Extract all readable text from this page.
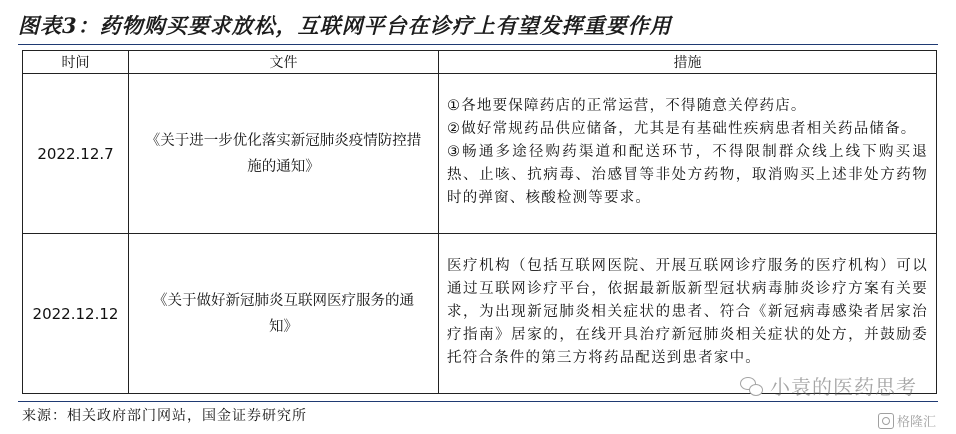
图表3：药物购买要求放松，互联网平台在诊疗上有望发挥重要作用
时间	文件	措施
2022.12.7	《关于进一步优化落实新冠肺炎疫情防控措施的通知》	①各地要保障药店的正常运营，不得随意关停药店。

②做好常规药品供应储备，尤其是有基础性疾病患者相关药品储备。

③畅通多途径购药渠道和配送环节，不得限制群众线上线下购买退热、止咳、抗病毒、治感冒等非处方药物，取消购买上述非处方药物时的弹窗、核酸检测等要求。

2022.12.12	《关于做好新冠肺炎互联网医疗服务的通知》	医疗机构（包括互联网医院、开展互联网诊疗服务的医疗机构）可以通过互联网诊疗平台，依据最新版新型冠状病毒肺炎诊疗方案有关要求，为出现新冠肺炎相关症状的患者、符合《新冠病毒感染者居家治疗指南》居家的，在线开具治疗新冠肺炎相关症状的处方，并鼓励委托符合条件的第三方将药品配送到患者家中。

小袁的医药思考
来源：相关政府部门网站，国金证券研究所	格隆汇
